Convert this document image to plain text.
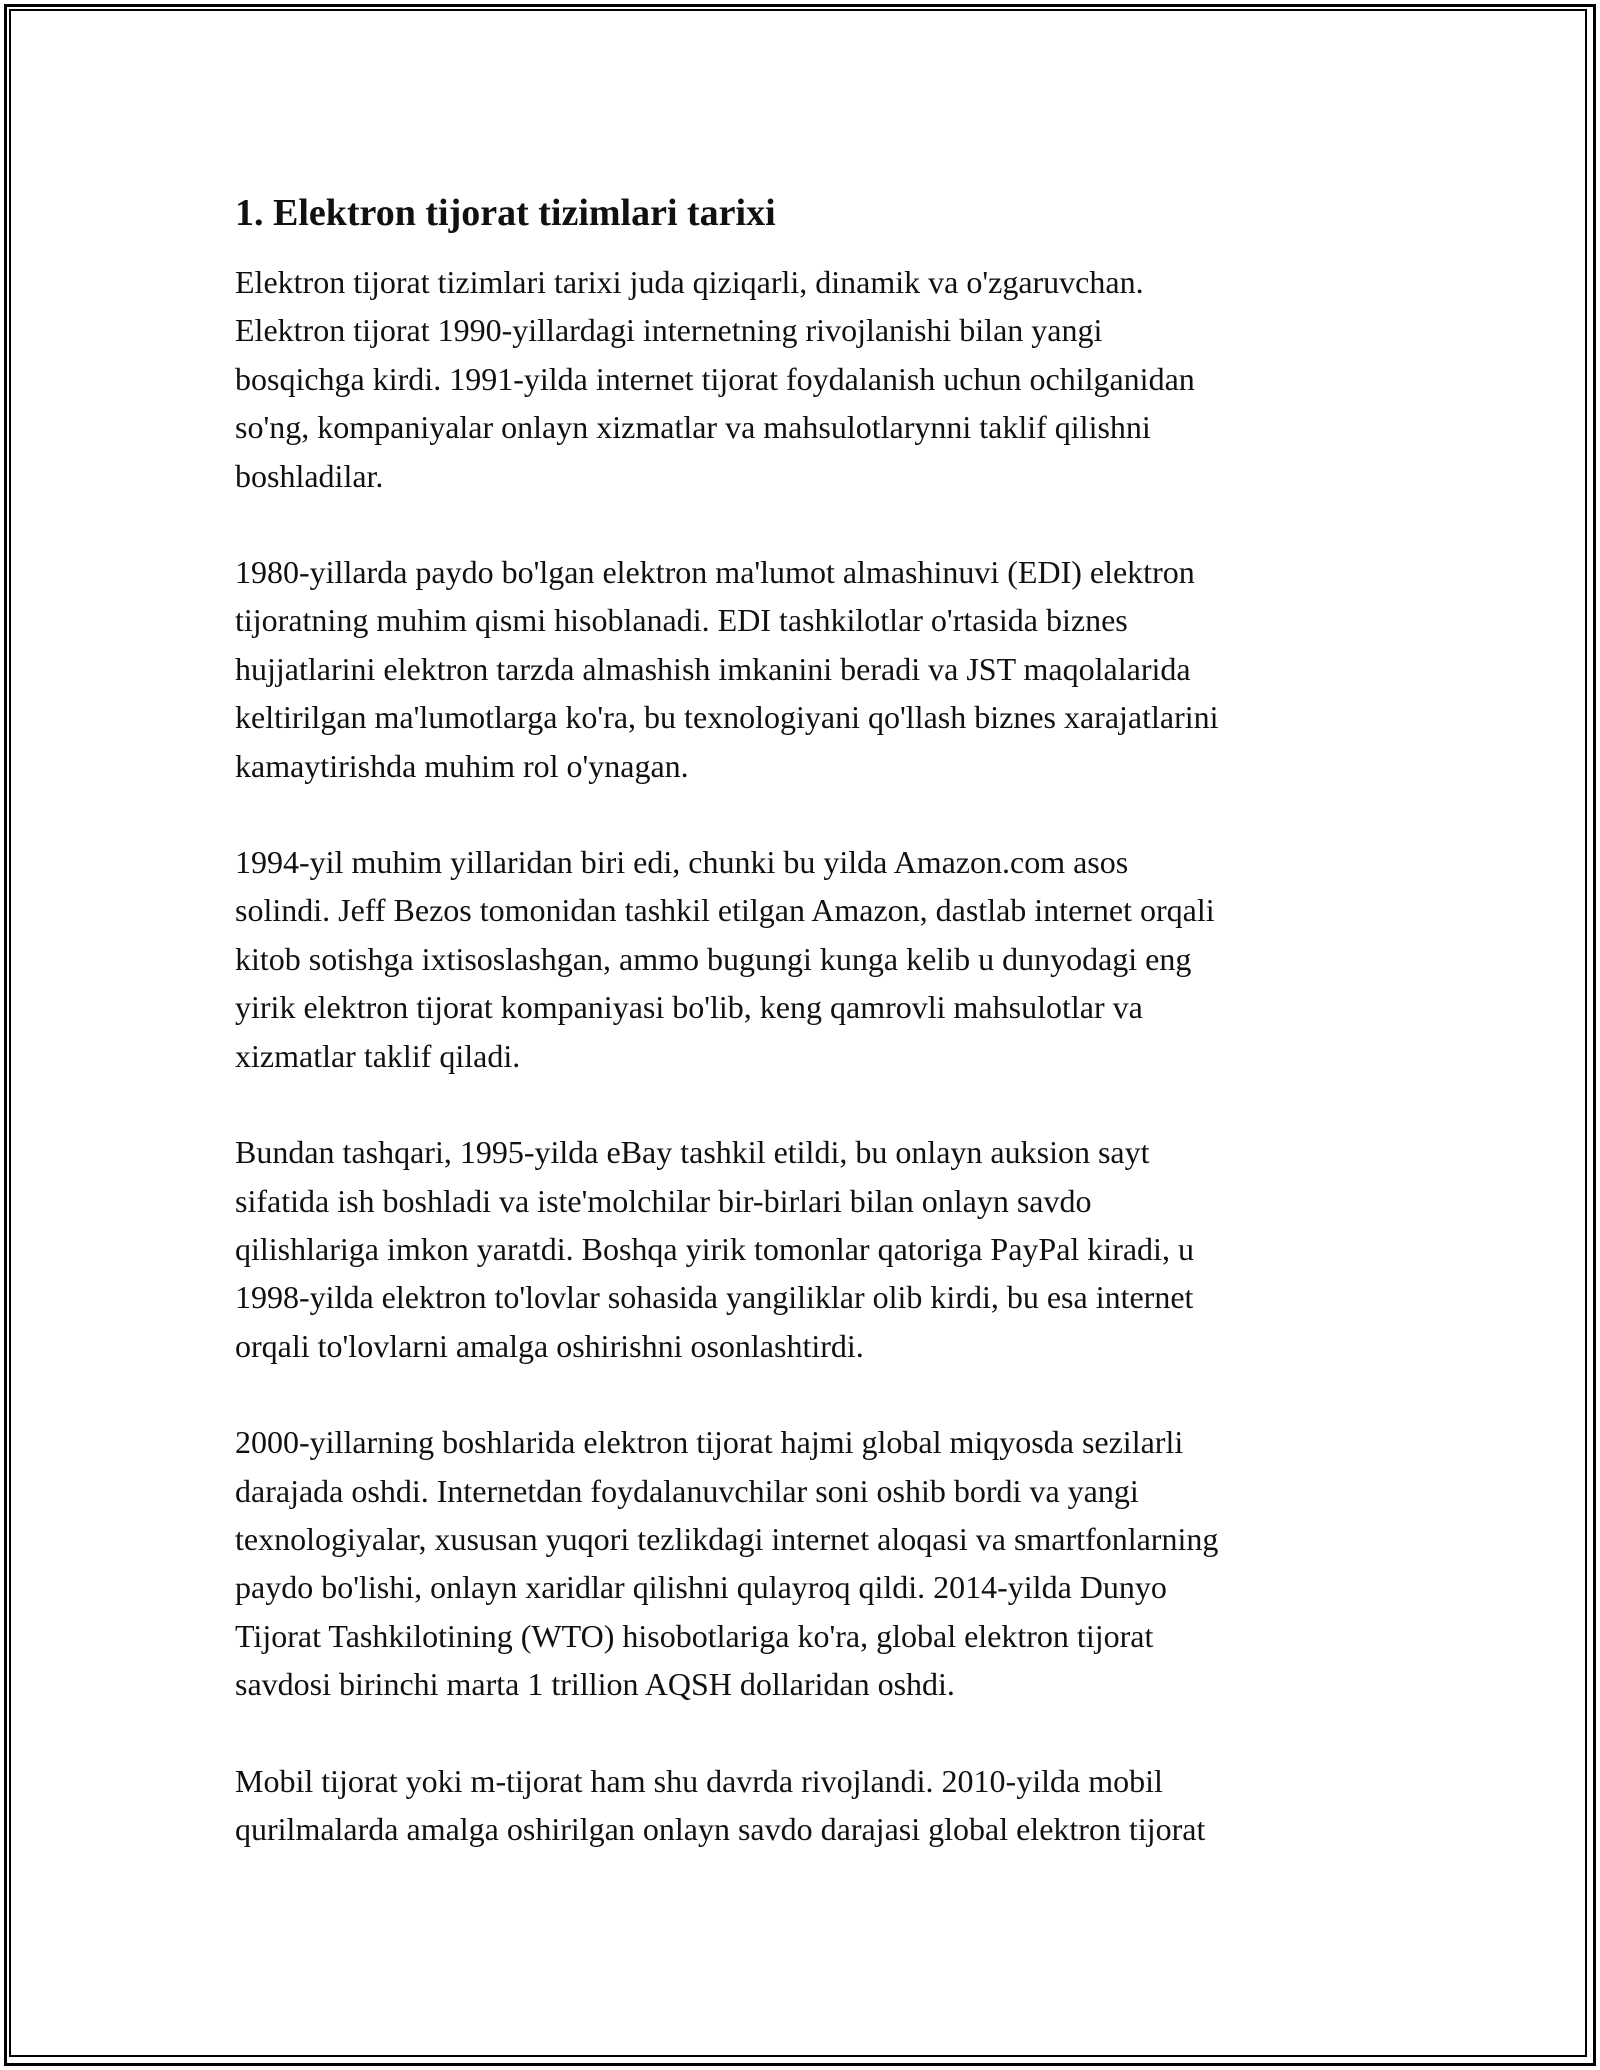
1. Elektron tijorat tizimlari tarixi
Elektron tijorat tizimlari tarixi juda qiziqarli, dinamik va o'zgaruvchan.
Elektron tijorat 1990-yillardagi internetning rivojlanishi bilan yangi
bosqichga kirdi. 1991-yilda internet tijorat foydalanish uchun ochilganidan
so'ng, kompaniyalar onlayn xizmatlar va mahsulotlarynni taklif qilishni
boshladilar.
1980-yillarda paydo bo'lgan elektron ma'lumot almashinuvi (EDI) elektron
tijoratning muhim qismi hisoblanadi. EDI tashkilotlar o'rtasida biznes
hujjatlarini elektron tarzda almashish imkanini beradi va JST maqolalarida
keltirilgan ma'lumotlarga ko'ra, bu texnologiyani qo'llash biznes xarajatlarini
kamaytirishda muhim rol o'ynagan.
1994-yil muhim yillaridan biri edi, chunki bu yilda Amazon.com asos
solindi. Jeff Bezos tomonidan tashkil etilgan Amazon, dastlab internet orqali
kitob sotishga ixtisoslashgan, ammo bugungi kunga kelib u dunyodagi eng
yirik elektron tijorat kompaniyasi bo'lib, keng qamrovli mahsulotlar va
xizmatlar taklif qiladi.
Bundan tashqari, 1995-yilda eBay tashkil etildi, bu onlayn auksion sayt
sifatida ish boshladi va iste'molchilar bir-birlari bilan onlayn savdo
qilishlariga imkon yaratdi. Boshqa yirik tomonlar qatoriga PayPal kiradi, u
1998-yilda elektron to'lovlar sohasida yangiliklar olib kirdi, bu esa internet
orqali to'lovlarni amalga oshirishni osonlashtirdi.
2000-yillarning boshlarida elektron tijorat hajmi global miqyosda sezilarli
darajada oshdi. Internetdan foydalanuvchilar soni oshib bordi va yangi
texnologiyalar, xususan yuqori tezlikdagi internet aloqasi va smartfonlarning
paydo bo'lishi, onlayn xaridlar qilishni qulayroq qildi. 2014-yilda Dunyo
Tijorat Tashkilotining (WTO) hisobotlariga ko'ra, global elektron tijorat
savdosi birinchi marta 1 trillion AQSH dollaridan oshdi.
Mobil tijorat yoki m-tijorat ham shu davrda rivojlandi. 2010-yilda mobil
qurilmalarda amalga oshirilgan onlayn savdo darajasi global elektron tijorat
